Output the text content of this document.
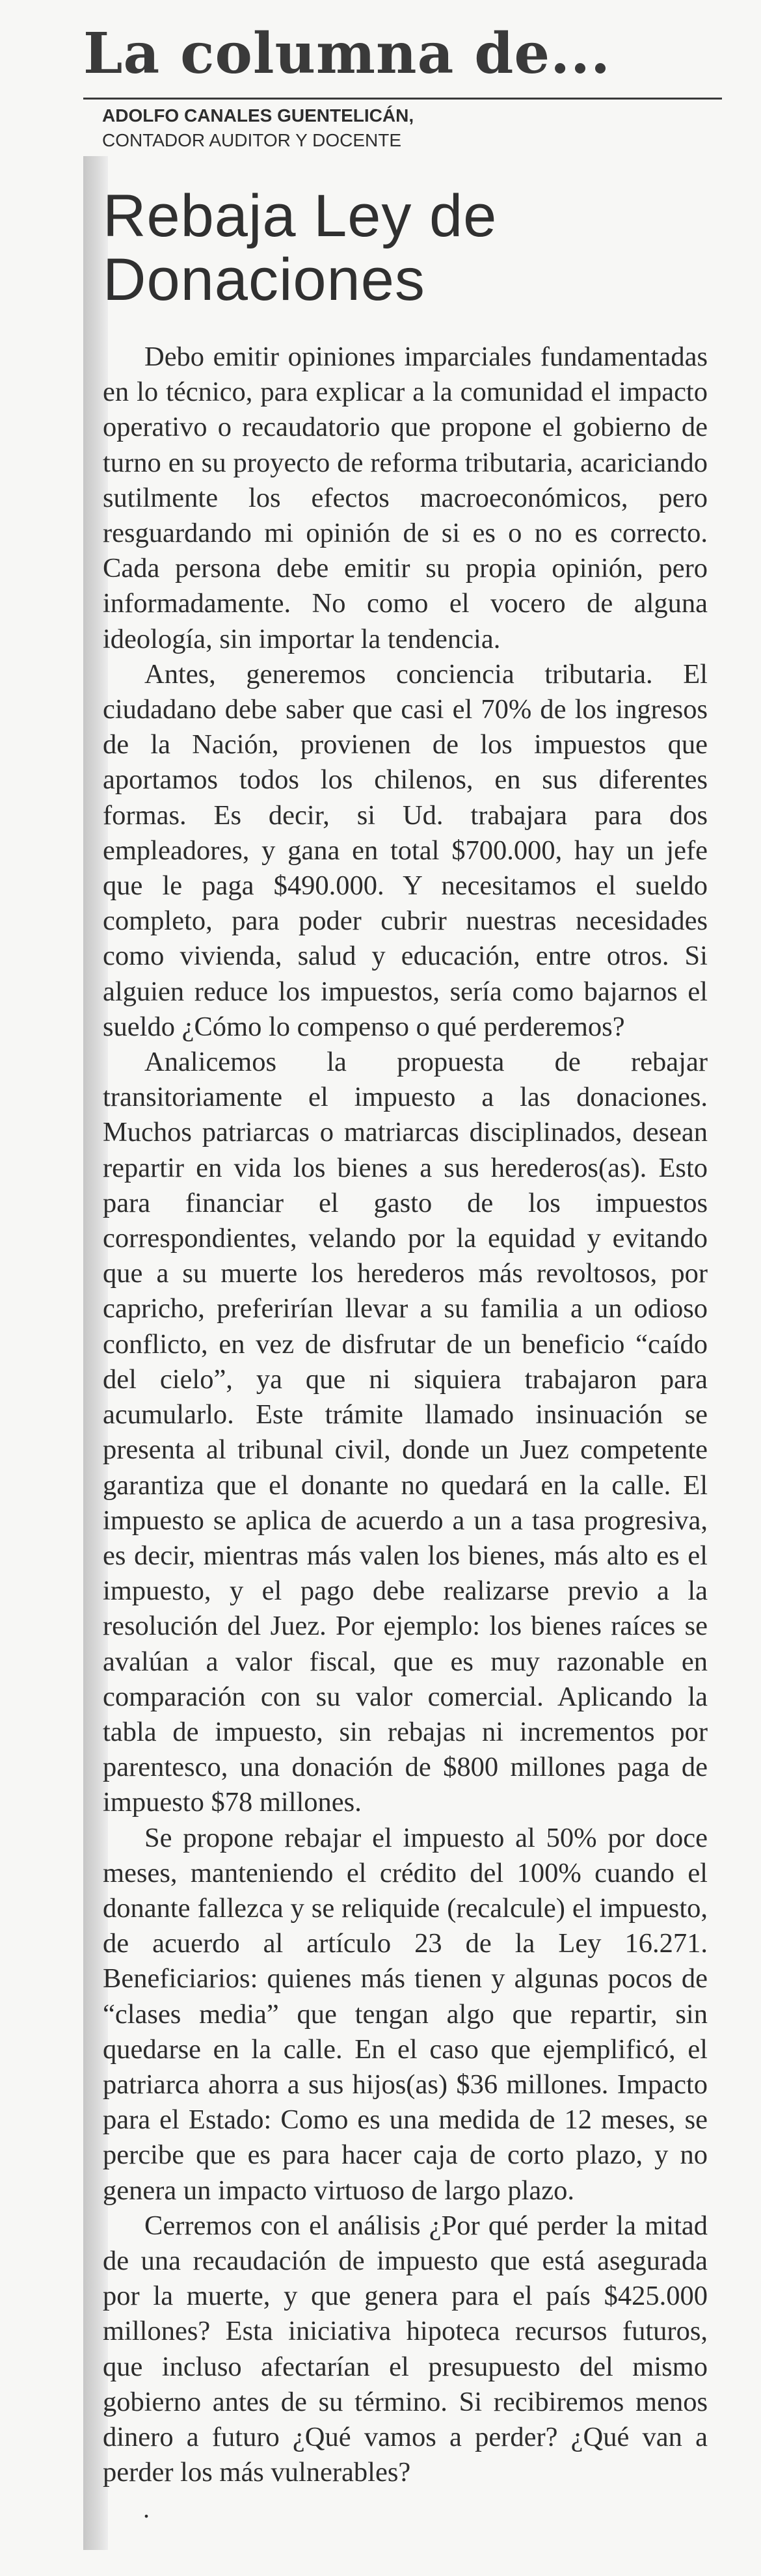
La columna de...
ADOLFO CANALES GUENTELICÁN,
CONTADOR AUDITOR Y DOCENTE
Rebaja Ley de Donaciones

Debo emitir opiniones imparciales fundamentadas en lo técnico, para explicar a la comunidad el impacto operativo o recaudatorio que propone el gobierno de turno en su proyecto de reforma tributaria, acariciando sutilmente los efectos macroeconómicos, pero resguardando mi opinión de si es o no es correcto. Cada persona debe emitir su propia opinión, pero informadamente. No como el vocero de alguna ideología, sin importar la tendencia.

Antes, generemos conciencia tributaria. El ciudadano debe saber que casi el 70% de los ingresos de la Nación, provienen de los impuestos que aportamos todos los chilenos, en sus diferentes formas. Es decir, si Ud. trabajara para dos empleadores, y gana en total $700.000, hay un jefe que le paga $490.000. Y necesitamos el sueldo completo, para poder cubrir nuestras necesidades como vivienda, salud y educación, entre otros. Si alguien reduce los impuestos, sería como bajarnos el sueldo ¿Cómo lo compenso o qué perderemos?

Analicemos la propuesta de rebajar transitoriamente el impuesto a las donaciones. Muchos patriarcas o matriarcas disciplinados, desean repartir en vida los bienes a sus herederos(as). Esto para financiar el gasto de los impuestos correspondientes, velando por la equidad y evitando que a su muerte los herederos más revoltosos, por capricho, preferirían llevar a su familia a un odioso conflicto, en vez de disfrutar de un beneficio “caído del cielo”, ya que ni siquiera trabajaron para acumularlo. Este trámite llamado insinuación se presenta al tribunal civil, donde un Juez competente garantiza que el donante no quedará en la calle. El impuesto se aplica de acuerdo a un a tasa progresiva, es decir, mientras más valen los bienes, más alto es el impuesto, y el pago debe realizarse previo a la resolución del Juez. Por ejemplo: los bienes raíces se avalúan a valor fiscal, que es muy razonable en comparación con su valor comercial. Aplicando la tabla de impuesto, sin rebajas ni incrementos por parentesco, una donación de $800 millones paga de impuesto $78 millones.

Se propone rebajar el impuesto al 50% por doce meses, manteniendo el crédito del 100% cuando el donante fallezca y se reliquide (recalcule) el impuesto, de acuerdo al artículo 23 de la Ley 16.271. Beneficiarios: quienes más tienen y algunas pocos de “clases media” que tengan algo que repartir, sin quedarse en la calle. En el caso que ejemplificó, el patriarca ahorra a sus hijos(as) $36 millones. Impacto para el Estado: Como es una medida de 12 meses, se percibe que es para hacer caja de corto plazo, y no genera un impacto virtuoso de largo plazo.

Cerremos con el análisis ¿Por qué perder la mitad de una recaudación de impuesto que está asegurada por la muerte, y que genera para el país $425.000 millones? Esta iniciativa hipoteca recursos futuros, que incluso afectarían el presupuesto del mismo gobierno antes de su término. Si recibiremos menos dinero a futuro ¿Qué vamos a perder? ¿Qué van a perder los más vulnerables?

.
